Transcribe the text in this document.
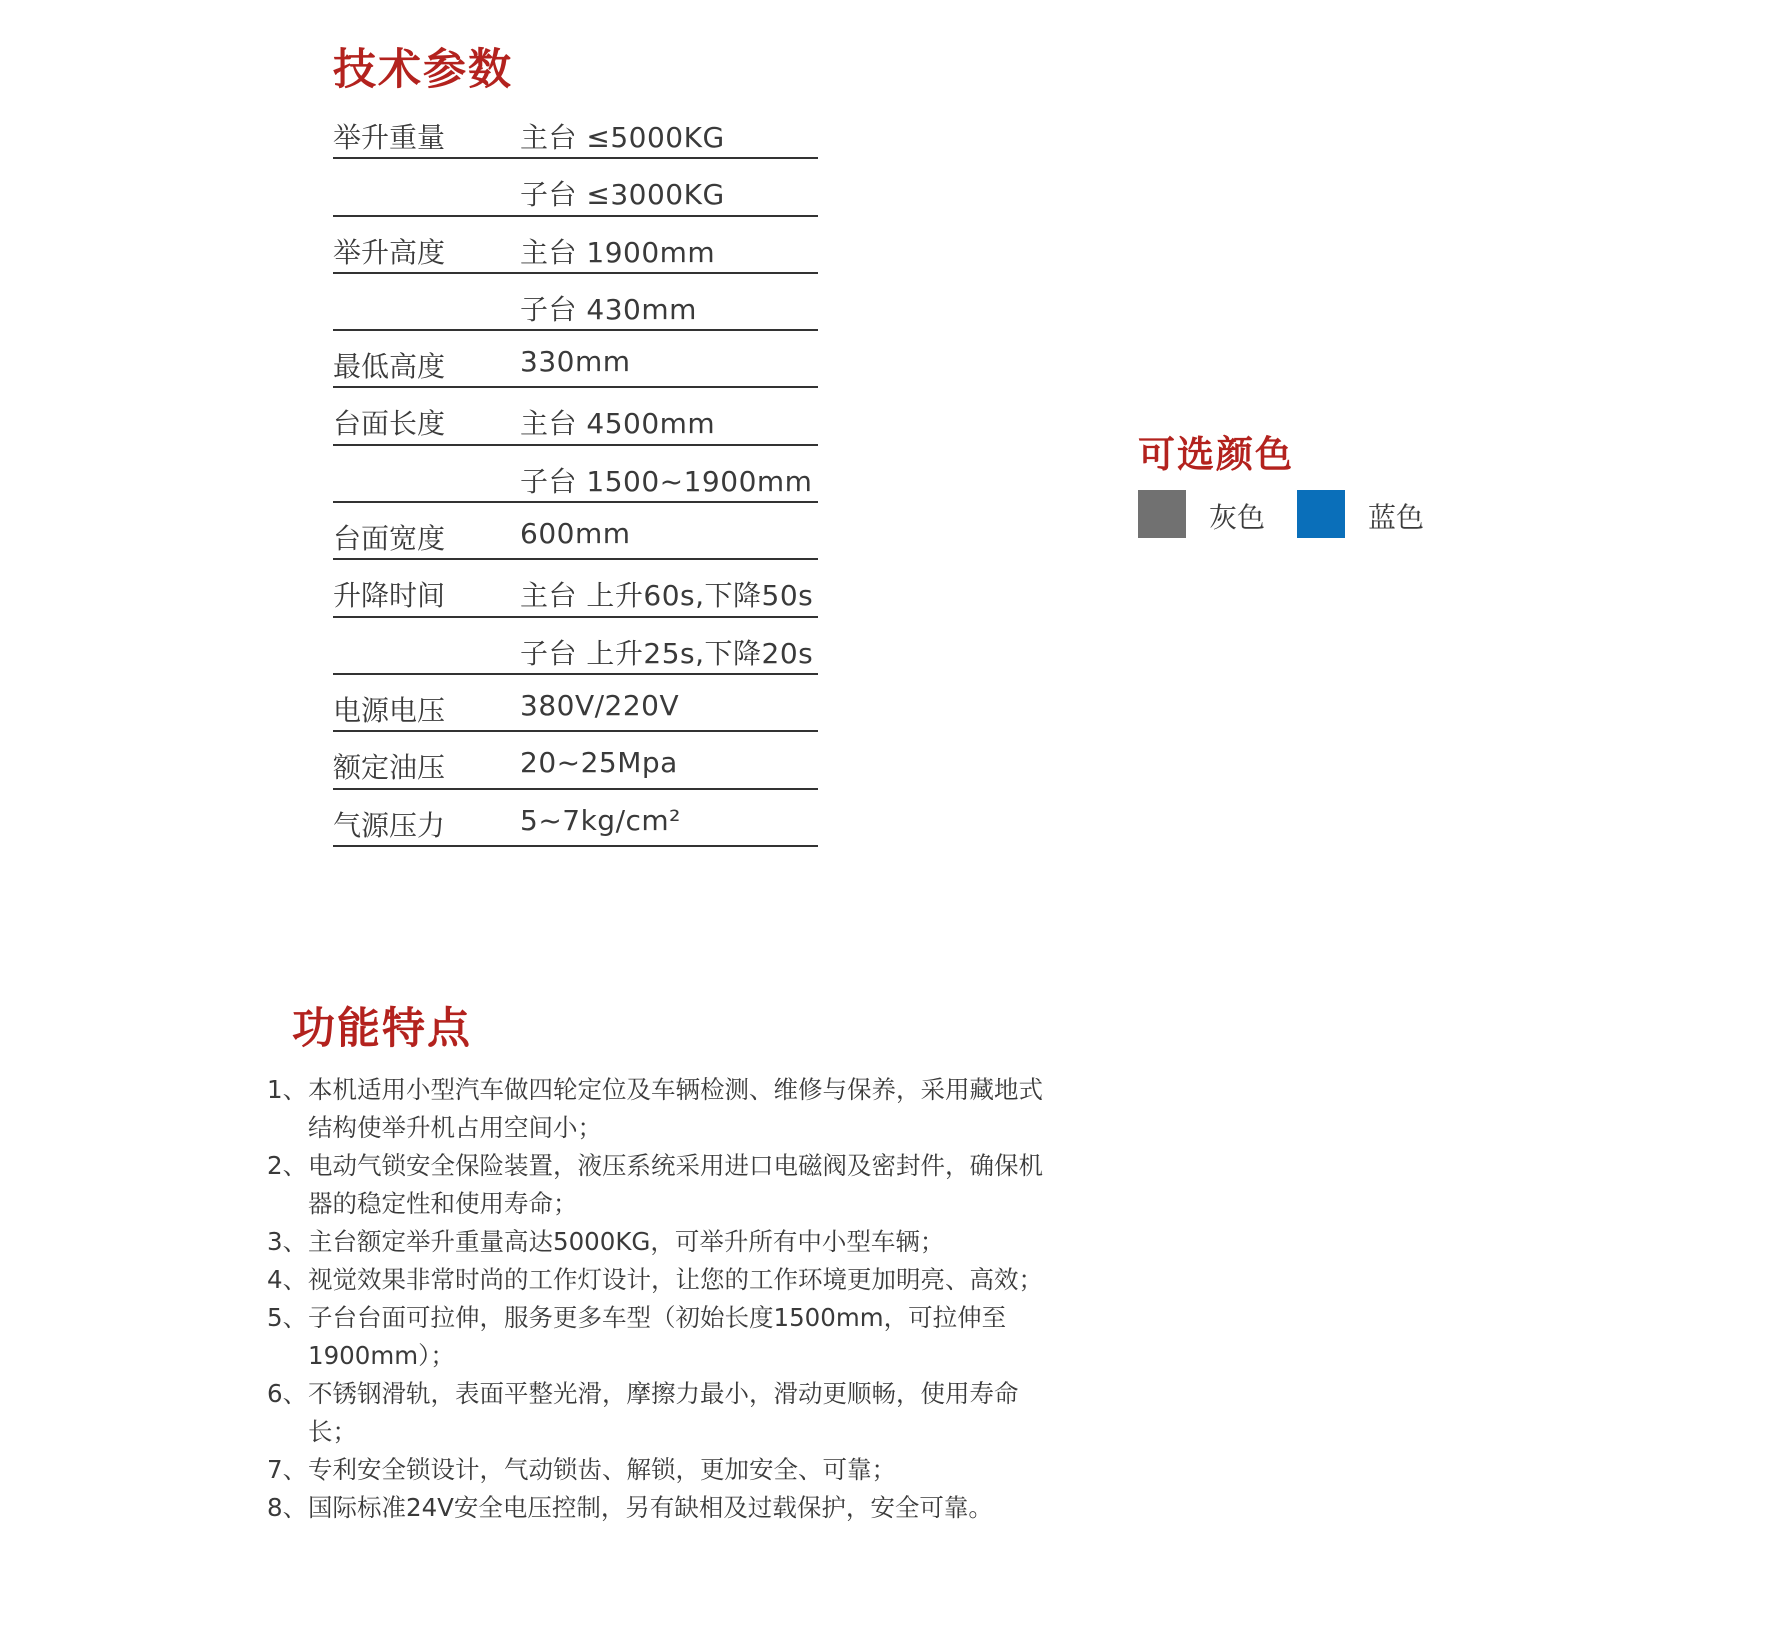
技术参数
举升重量	主台 ≤5000KG
子台 ≤3000KG
举升高度	主台 1900mm
子台 430mm
最低高度	330mm
台面长度	主台 4500mm
子台 1500~1900mm
台面宽度	600mm
升降时间	主台 上升60s,下降50s
子台 上升25s,下降20s
电源电压	380V/220V
额定油压	20~25Mpa
气源压力	5~7kg/cm²
可选颜色
灰色	蓝色
功能特点
1、 本机适用小型汽车做四轮定位及车辆检测、维修与保养，采用藏地式结构使举升机占用空间小；
2、 电动气锁安全保险装置，液压系统采用进口电磁阀及密封件，确保机器的稳定性和使用寿命；
3、 主台额定举升重量高达5000KG，可举升所有中小型车辆；
4、 视觉效果非常时尚的工作灯设计，让您的工作环境更加明亮、高效；
5、 子台台面可拉伸，服务更多车型（初始长度1500mm，可拉伸至1900mm）；
6、 不锈钢滑轨，表面平整光滑，摩擦力最小，滑动更顺畅，使用寿命长；
7、 专利安全锁设计，气动锁齿、解锁，更加安全、可靠；
8、 国际标准24V安全电压控制，另有缺相及过载保护，安全可靠。
